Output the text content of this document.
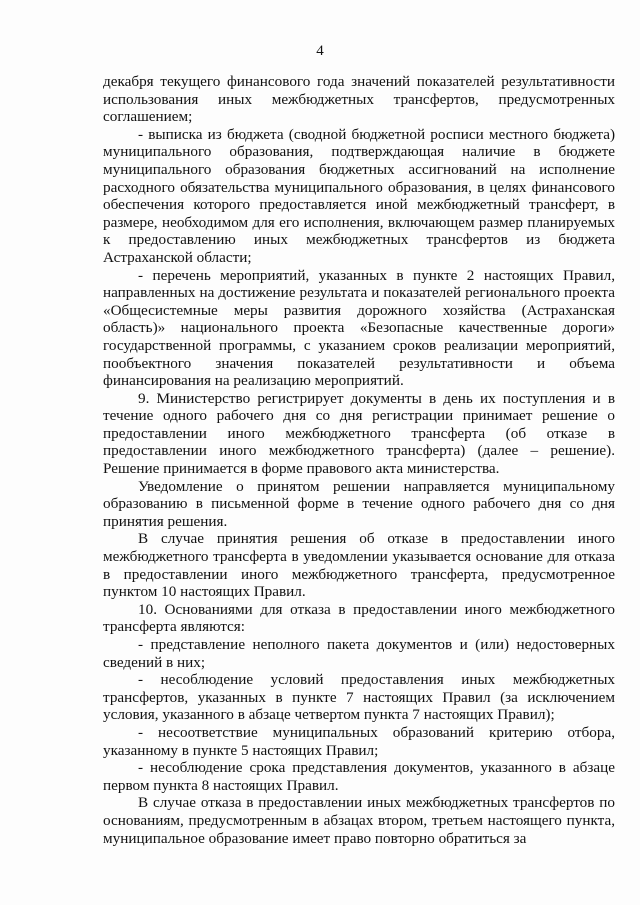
4

декабря текущего финансового года значений показателей результативности использования иных межбюджетных трансфертов, предусмотренных соглашением;

- выписка из бюджета (сводной бюджетной росписи местного бюджета) муниципального образования, подтверждающая наличие в бюджете муниципального образования бюджетных ассигнований на исполнение расходного обязательства муниципального образования, в целях финансового обеспечения которого предоставляется иной межбюджетный трансферт, в размере, необходимом для его исполнения, включающем размер планируемых к предоставлению иных межбюджетных трансфертов из бюджета Астраханской области;

- перечень мероприятий, указанных в пункте 2 настоящих Правил, направленных на достижение результата и показателей регионального проекта «Общесистемные меры развития дорожного хозяйства (Астраханская область)» национального проекта «Безопасные качественные дороги» государственной программы, с указанием сроков реализации мероприятий, пообъектного значения показателей результативности и объема финансирования на реализацию мероприятий.

9. Министерство регистрирует документы в день их поступления и в течение одного рабочего дня со дня регистрации принимает решение о предоставлении иного межбюджетного трансферта (об отказе в предоставлении иного межбюджетного трансферта) (далее – решение). Решение принимается в форме правового акта министерства.

Уведомление о принятом решении направляется муниципальному образованию в письменной форме в течение одного рабочего дня со дня принятия решения.

В случае принятия решения об отказе в предоставлении иного межбюджетного трансферта в уведомлении указывается основание для отказа в предоставлении иного межбюджетного трансферта, предусмотренное пунктом 10 настоящих Правил.

10. Основаниями для отказа в предоставлении иного межбюджетного трансферта являются:

- представление неполного пакета документов и (или) недостоверных сведений в них;

- несоблюдение условий предоставления иных межбюджетных трансфертов, указанных в пункте 7 настоящих Правил (за исключением условия, указанного в абзаце четвертом пункта 7 настоящих Правил);

- несоответствие муниципальных образований критерию отбора, указанному в пункте 5 настоящих Правил;

- несоблюдение срока представления документов, указанного в абзаце первом пункта 8 настоящих Правил.

В случае отказа в предоставлении иных межбюджетных трансфертов по основаниям, предусмотренным в абзацах втором, третьем настоящего пункта, муниципальное образование имеет право повторно обратиться за
